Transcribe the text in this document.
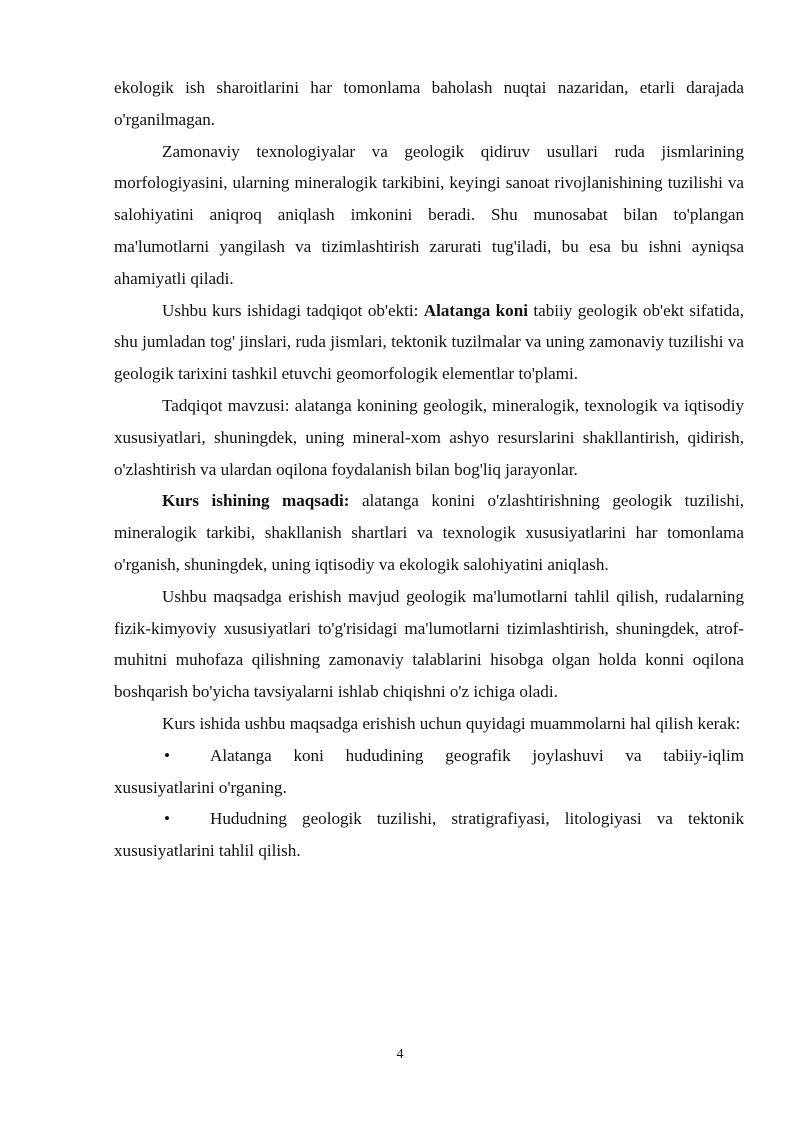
ekologik ish sharoitlarini har tomonlama baholash nuqtai nazaridan, etarli darajada o'rganilmagan.

Zamonaviy texnologiyalar va geologik qidiruv usullari ruda jismlarining morfologiyasini, ularning mineralogik tarkibini, keyingi sanoat rivojlanishining tuzilishi va salohiyatini aniqroq aniqlash imkonini beradi. Shu munosabat bilan to'plangan ma'lumotlarni yangilash va tizimlashtirish zarurati tug'iladi, bu esa bu ishni ayniqsa ahamiyatli qiladi.

Ushbu kurs ishidagi tadqiqot ob'ekti: Alatanga koni tabiiy geologik ob'ekt sifatida, shu jumladan tog' jinslari, ruda jismlari, tektonik tuzilmalar va uning zamonaviy tuzilishi va geologik tarixini tashkil etuvchi geomorfologik elementlar to'plami.

Tadqiqot mavzusi: alatanga konining geologik, mineralogik, texnologik va iqtisodiy xususiyatlari, shuningdek, uning mineral-xom ashyo resurslarini shakllantirish, qidirish, o'zlashtirish va ulardan oqilona foydalanish bilan bog'liq jarayonlar.

Kurs ishining maqsadi: alatanga konini o'zlashtirishning geologik tuzilishi, mineralogik tarkibi, shakllanish shartlari va texnologik xususiyatlarini har tomonlama o'rganish, shuningdek, uning iqtisodiy va ekologik salohiyatini aniqlash.

Ushbu maqsadga erishish mavjud geologik ma'lumotlarni tahlil qilish, rudalarning fizik-kimyoviy xususiyatlari to'g'risidagi ma'lumotlarni tizimlashtirish, shuningdek, atrof-muhitni muhofaza qilishning zamonaviy talablarini hisobga olgan holda konni oqilona boshqarish bo'yicha tavsiyalarni ishlab chiqishni o'z ichiga oladi.

Kurs ishida ushbu maqsadga erishish uchun quyidagi muammolarni hal qilish kerak:

• Alatanga koni hududining geografik joylashuvi va tabiiy-iqlim xususiyatlarini o'rganing.

• Hududning geologik tuzilishi, stratigrafiyasi, litologiyasi va tektonik xususiyatlarini tahlil qilish.

4
